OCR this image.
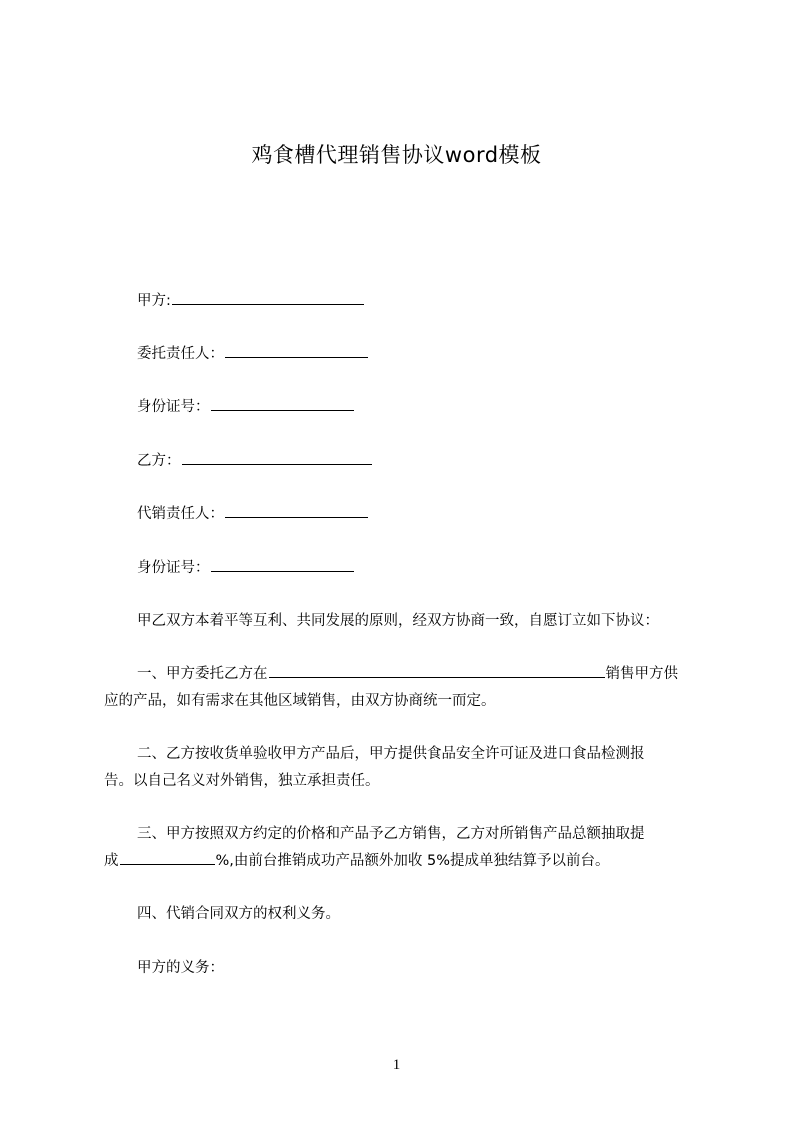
鸡食槽代理销售协议word模板
甲方:
委托责任人：
身份证号：
乙方：
代销责任人：
身份证号：
甲乙双方本着平等互利、共同发展的原则，经双方协商一致，自愿订立如下协议：
一、甲方委托乙方在	销售甲方供
应的产品，如有需求在其他区域销售，由双方协商统一而定。
二、乙方按收货单验收甲方产品后，甲方提供食品安全许可证及进口食品检测报
告。以自己名义对外销售，独立承担责任。
三、甲方按照双方约定的价格和产品予乙方销售，乙方对所销售产品总额抽取提
成	%,由前台推销成功产品额外加收 5%提成单独结算予以前台。
四、代销合同双方的权利义务。
甲方的义务：
1
